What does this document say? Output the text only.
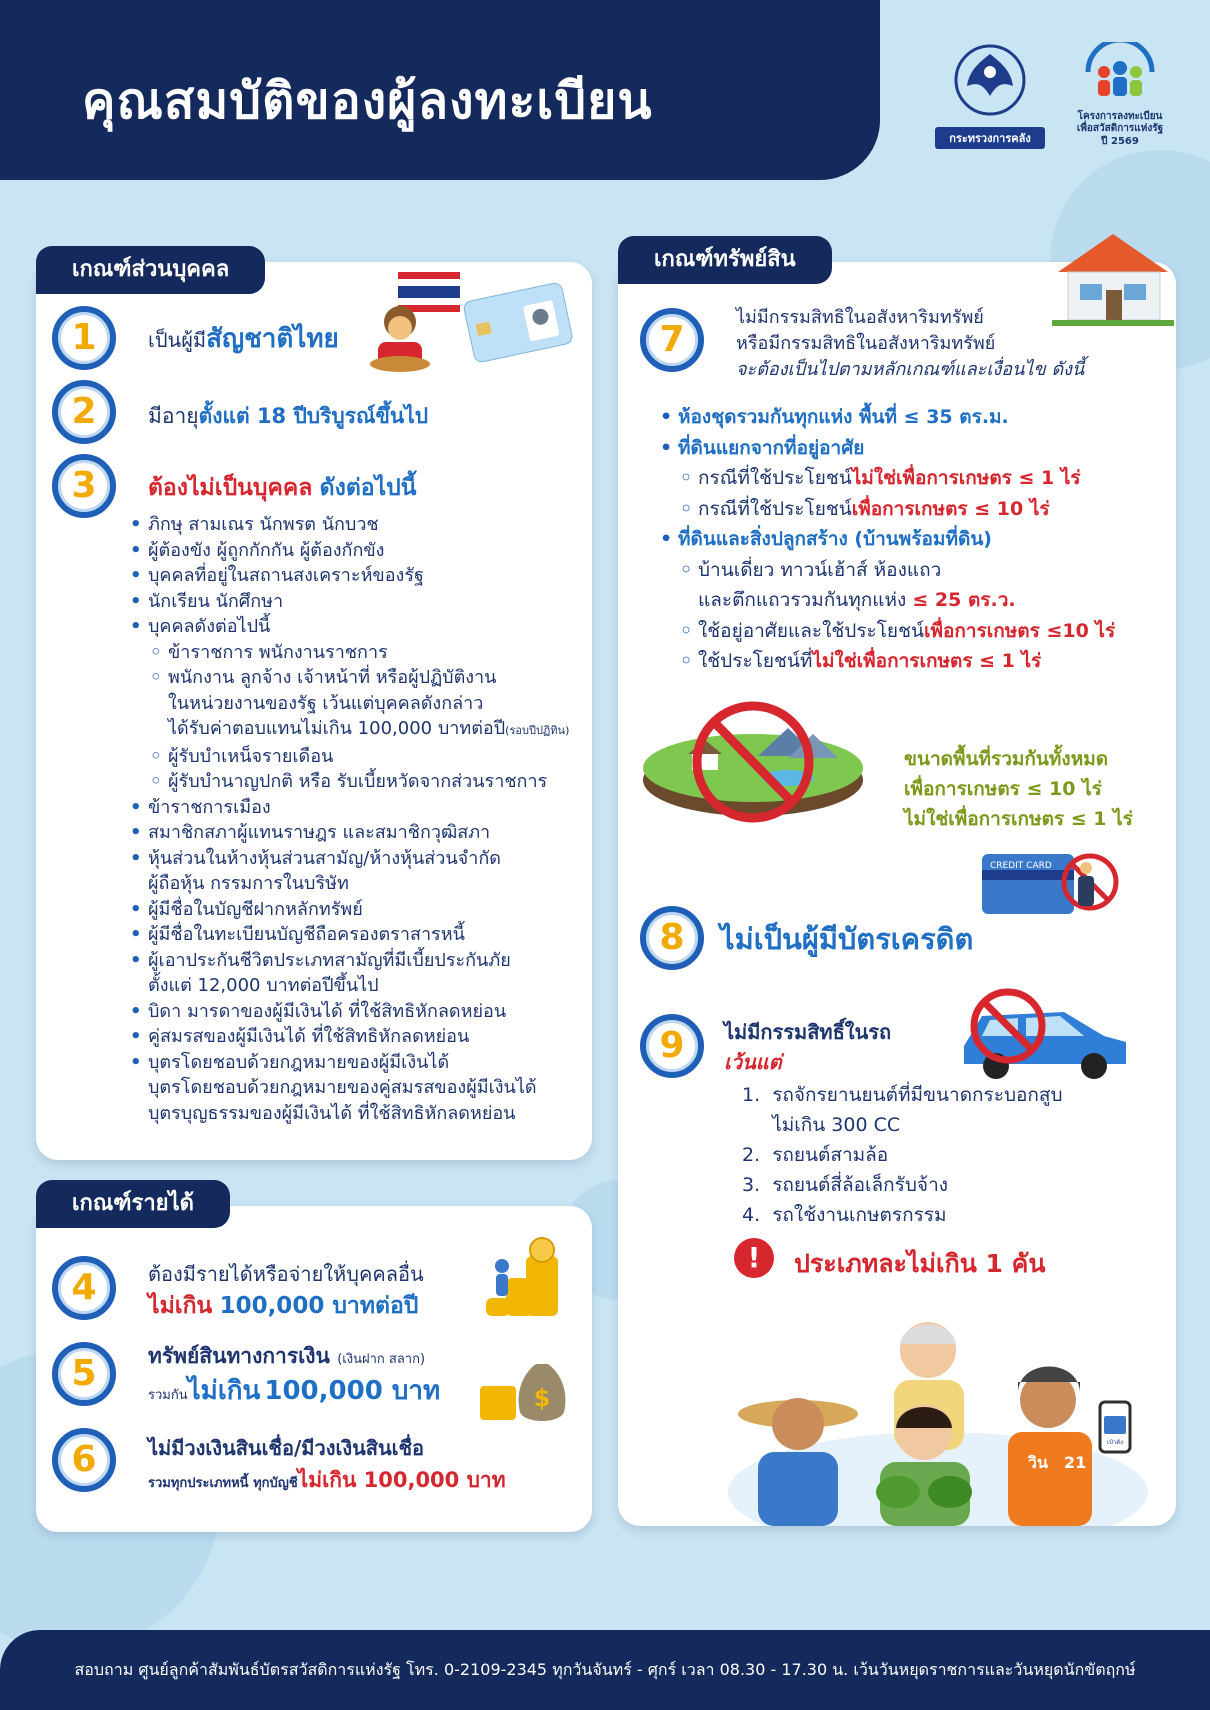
คุณสมบัติของผู้ลงทะเบียน
กระทรวงการคลัง
โครงการลงทะเบียน
เพื่อสวัสดิการแห่งรัฐ
ปี 2569
เกณฑ์ส่วนบุคคล
1	เป็นผู้มีสัญชาติไทย
2	มีอายุตั้งแต่ 18 ปีบริบูรณ์ขึ้นไป
3	ต้องไม่เป็นบุคคล ดังต่อไปนี้
• ภิกษุ สามเณร นักพรต นักบวช
• ผู้ต้องขัง ผู้ถูกกักกัน ผู้ต้องกักขัง
• บุคคลที่อยู่ในสถานสงเคราะห์ของรัฐ
• นักเรียน นักศึกษา
• บุคคลดังต่อไปนี้
◦ ข้าราชการ พนักงานราชการ
◦ พนักงาน ลูกจ้าง เจ้าหน้าที่ หรือผู้ปฏิบัติงาน
ในหน่วยงานของรัฐ เว้นแต่บุคคลดังกล่าว
ได้รับค่าตอบแทนไม่เกิน 100,000 บาทต่อปี(รอบปีปฏิทิน)
◦ ผู้รับบำเหน็จรายเดือน
◦ ผู้รับบำนาญปกติ หรือ รับเบี้ยหวัดจากส่วนราชการ
• ข้าราชการเมือง
• สมาชิกสภาผู้แทนราษฎร และสมาชิกวุฒิสภา
• หุ้นส่วนในห้างหุ้นส่วนสามัญ/ห้างหุ้นส่วนจำกัด
ผู้ถือหุ้น กรรมการในบริษัท
• ผู้มีชื่อในบัญชีฝากหลักทรัพย์
• ผู้มีชื่อในทะเบียนบัญชีถือครองตราสารหนี้
• ผู้เอาประกันชีวิตประเภทสามัญที่มีเบี้ยประกันภัย
ตั้งแต่ 12,000 บาทต่อปีขึ้นไป
• บิดา มารดาของผู้มีเงินได้ ที่ใช้สิทธิหักลดหย่อน
• คู่สมรสของผู้มีเงินได้ ที่ใช้สิทธิหักลดหย่อน
• บุตรโดยชอบด้วยกฎหมายของผู้มีเงินได้
บุตรโดยชอบด้วยกฎหมายของคู่สมรสของผู้มีเงินได้
บุตรบุญธรรมของผู้มีเงินได้ ที่ใช้สิทธิหักลดหย่อน
เกณฑ์รายได้
4	ต้องมีรายได้หรือจ่ายให้บุคคลอื่น
ไม่เกิน 100,000 บาทต่อปี
5	ทรัพย์สินทางการเงิน (เงินฝาก สลาก)
รวมกันไม่เกิน 100,000 บาท	$
6	ไม่มีวงเงินสินเชื่อ/มีวงเงินสินเชื่อ
รวมทุกประเภทหนี้ ทุกบัญชีไม่เกิน 100,000 บาท
เกณฑ์ทรัพย์สิน
7
ไม่มีกรรมสิทธิในอสังหาริมทรัพย์
หรือมีกรรมสิทธิในอสังหาริมทรัพย์
จะต้องเป็นไปตามหลักเกณฑ์และเงื่อนไข ดังนี้
• ห้องชุดรวมกันทุกแห่ง พื้นที่ ≤ 35 ตร.ม.
• ที่ดินแยกจากที่อยู่อาศัย
◦ กรณีที่ใช้ประโยชน์ไม่ใช่เพื่อการเกษตร ≤ 1 ไร่
◦ กรณีที่ใช้ประโยชน์เพื่อการเกษตร ≤ 10 ไร่
• ที่ดินและสิ่งปลูกสร้าง (บ้านพร้อมที่ดิน)
◦ บ้านเดี่ยว ทาวน์เฮ้าส์ ห้องแถว
และตึกแถวรวมกันทุกแห่ง ≤ 25 ตร.ว.
◦ ใช้อยู่อาศัยและใช้ประโยชน์เพื่อการเกษตร ≤10 ไร่
◦ ใช้ประโยชน์ที่ไม่ใช่เพื่อการเกษตร ≤ 1 ไร่
ขนาดพื้นที่รวมกันทั้งหมด
เพื่อการเกษตร ≤ 10 ไร่
ไม่ใช่เพื่อการเกษตร ≤ 1 ไร่
CREDIT CARD
8	ไม่เป็นผู้มีบัตรเครดิต
9	ไม่มีกรรมสิทธิ์ในรถ
เว้นแต่
1.  รถจักรยานยนต์ที่มีขนาดกระบอกสูบ
ไม่เกิน 300 CC
2.  รถยนต์สามล้อ
3.  รถยนต์สี่ล้อเล็กรับจ้าง
4.  รถใช้งานเกษตรกรรม
!	ประเภทละไม่เกิน 1 คัน
วิน 21
เป๋าตัง
สอบถาม ศูนย์ลูกค้าสัมพันธ์บัตรสวัสดิการแห่งรัฐ โทร. 0-2109-2345 ทุกวันจันทร์ - ศุกร์ เวลา 08.30 - 17.30 น. เว้นวันหยุดราชการและวันหยุดนักขัตฤกษ์
